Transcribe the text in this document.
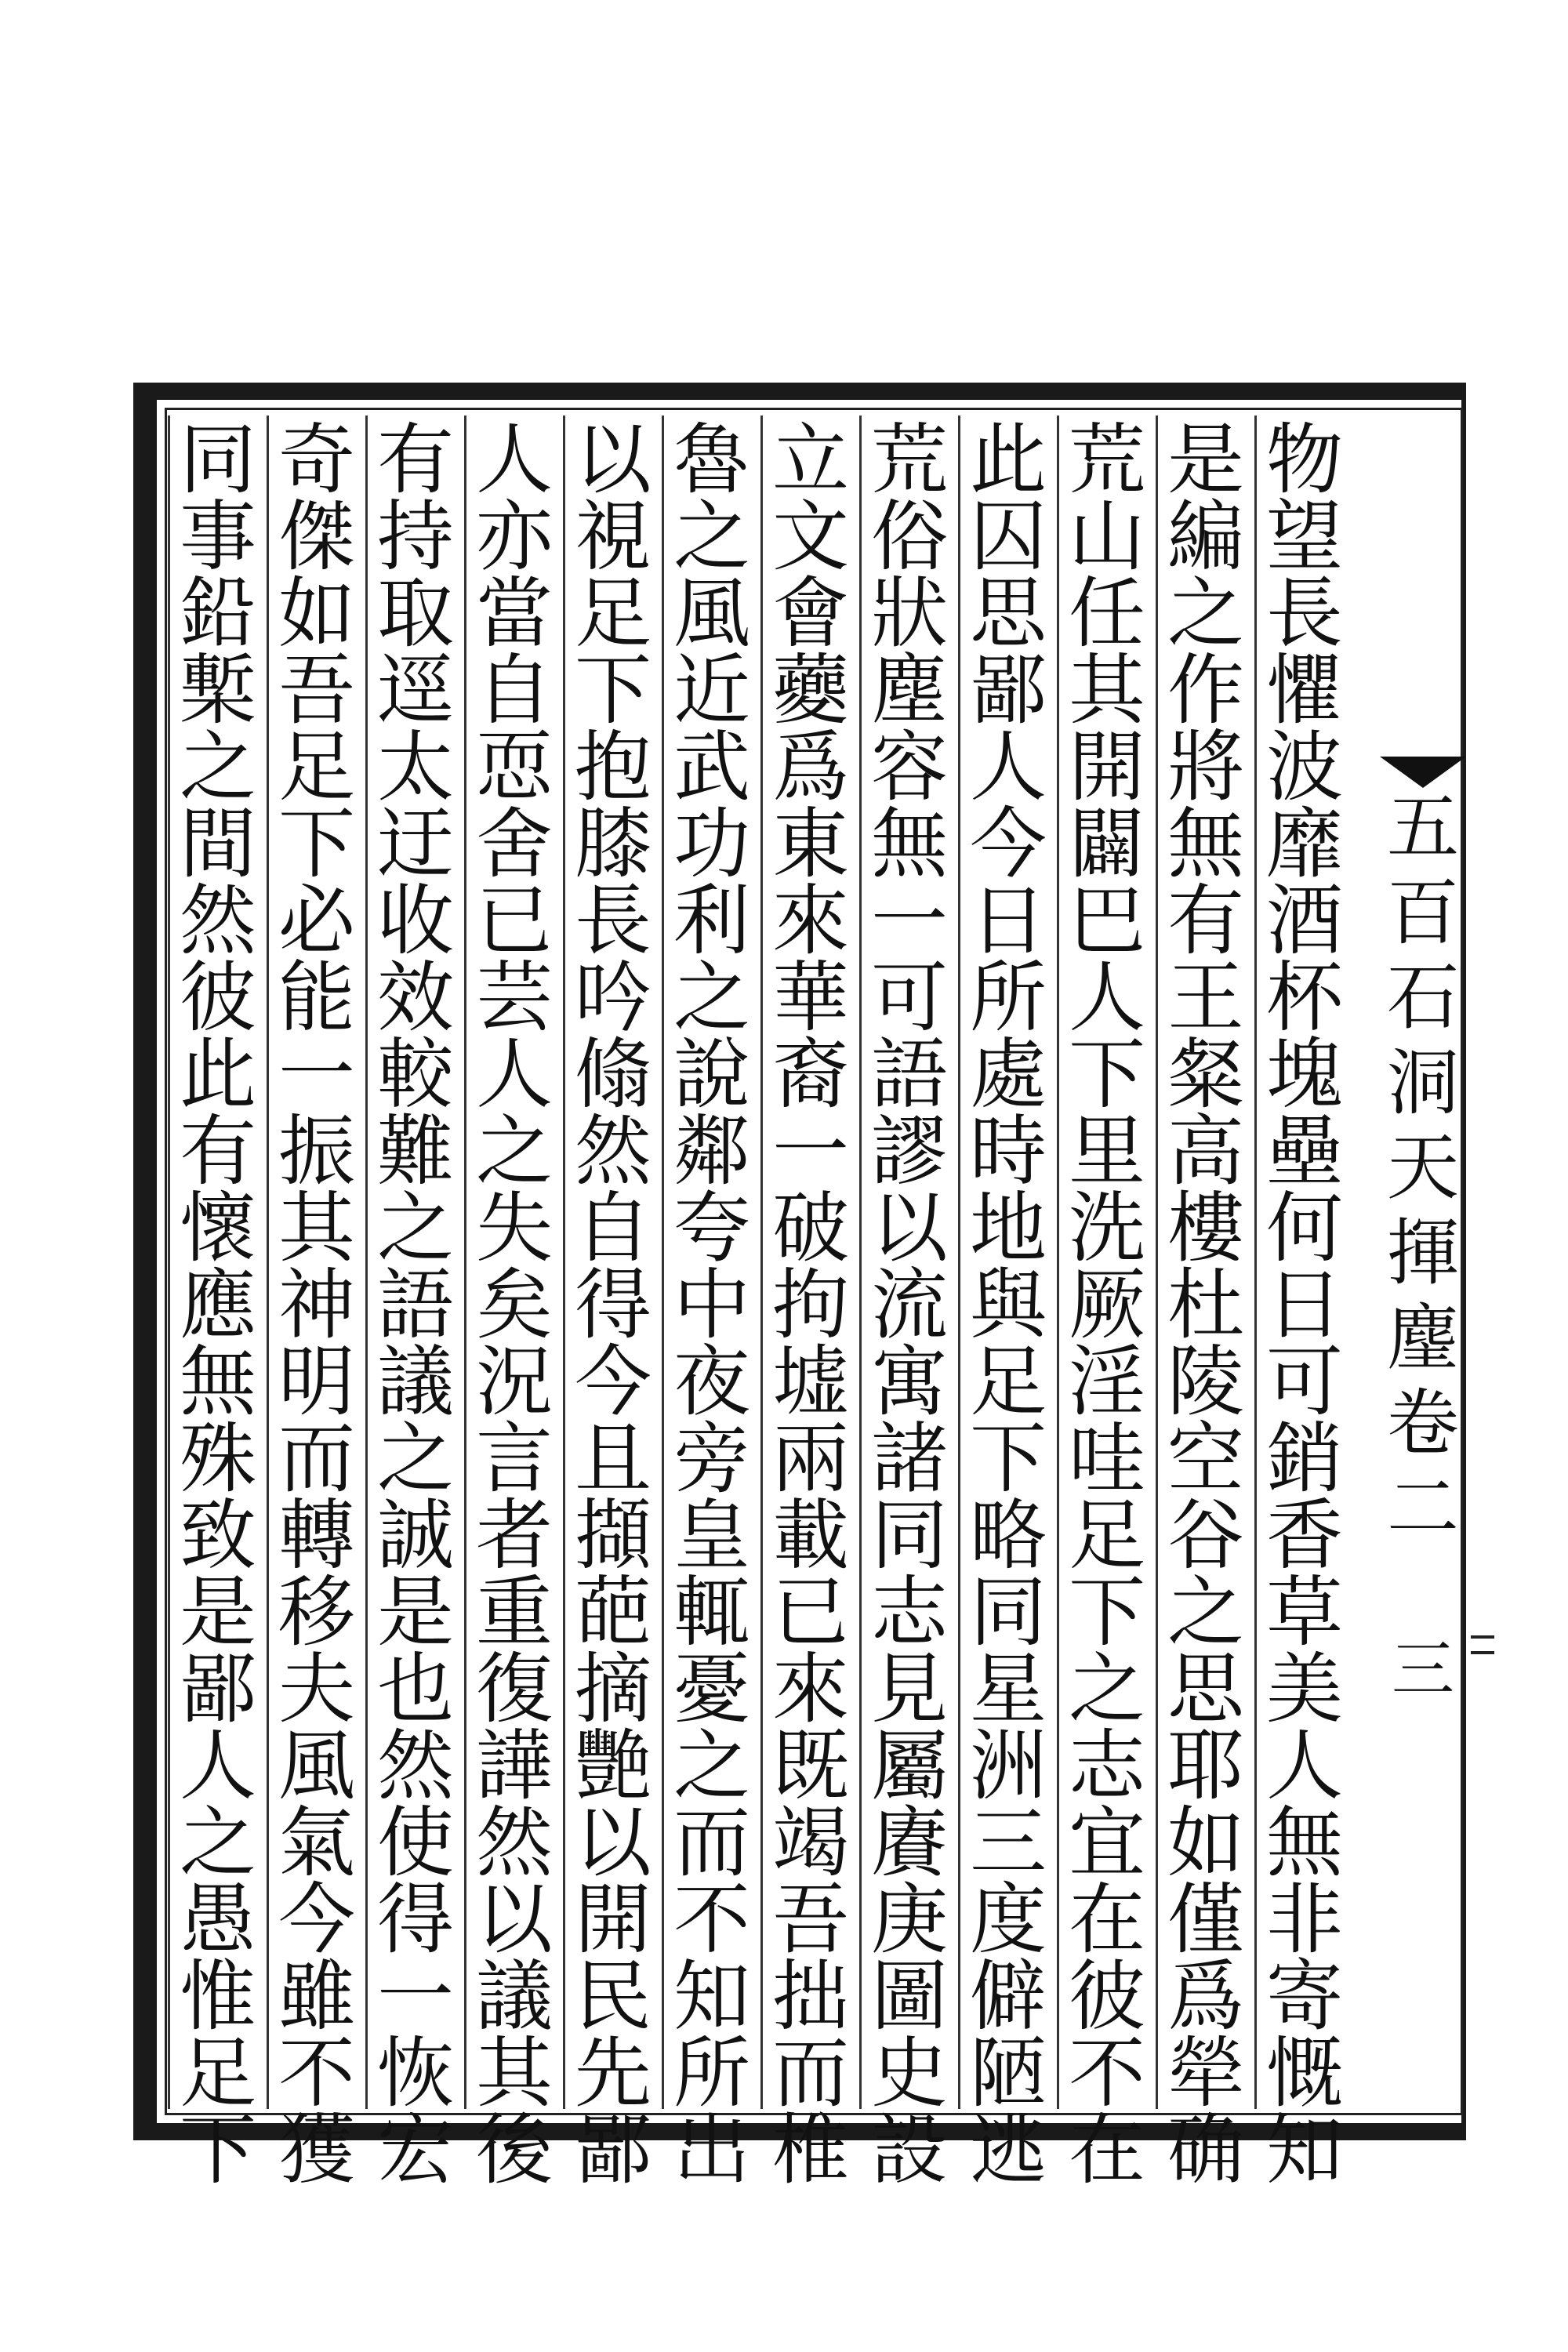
五
百
石
洞
天
揮
麈
卷
二
三
物
望
長
懼
波
靡
酒
杯
塊
壘
何
日
可
銷
香
草
美
人
無
非
寄
慨
知
是
編
之
作
將
無
有
王
粲
高
樓
杜
陵
空
谷
之
思
耶
如
僅
爲
犖
确
荒
山
任
其
開
闢
巴
人
下
里
洗
厥
淫
哇
足
下
之
志
宜
在
彼
不
在
此
囚
思
鄙
人
今
日
所
處
時
地
與
足
下
略
同
星
洲
三
度
僻
陋
逃
荒
俗
狀
塵
容
無
一
可
語
謬
以
流
寓
諸
同
志
見
屬
賡
庚
圖
史
設
立
文
會
蘷
爲
東
來
華
裔
一
破
拘
墟
兩
載
已
來
既
竭
吾
拙
而
椎
魯
之
風
近
武
功
利
之
說
鄰
夸
中
夜
旁
皇
輒
憂
之
而
不
知
所
出
以
視
足
下
抱
膝
長
吟
翛
然
自
得
今
且
擷
葩
摘
艷
以
開
民
先
鄙
人
亦
當
自
恧
舍
已
芸
人
之
失
矣
況
言
者
重
復
譁
然
以
議
其
後
有
持
取
逕
太
迂
收
效
較
難
之
語
議
之
誠
是
也
然
使
得
一
恢
宏
奇
傑
如
吾
足
下
必
能
一
振
其
神
明
而
轉
移
夫
風
氣
今
雖
不
獲
同
事
鉛
槧
之
間
然
彼
此
有
懷
應
無
殊
致
是
鄙
人
之
愚
惟
足
下
